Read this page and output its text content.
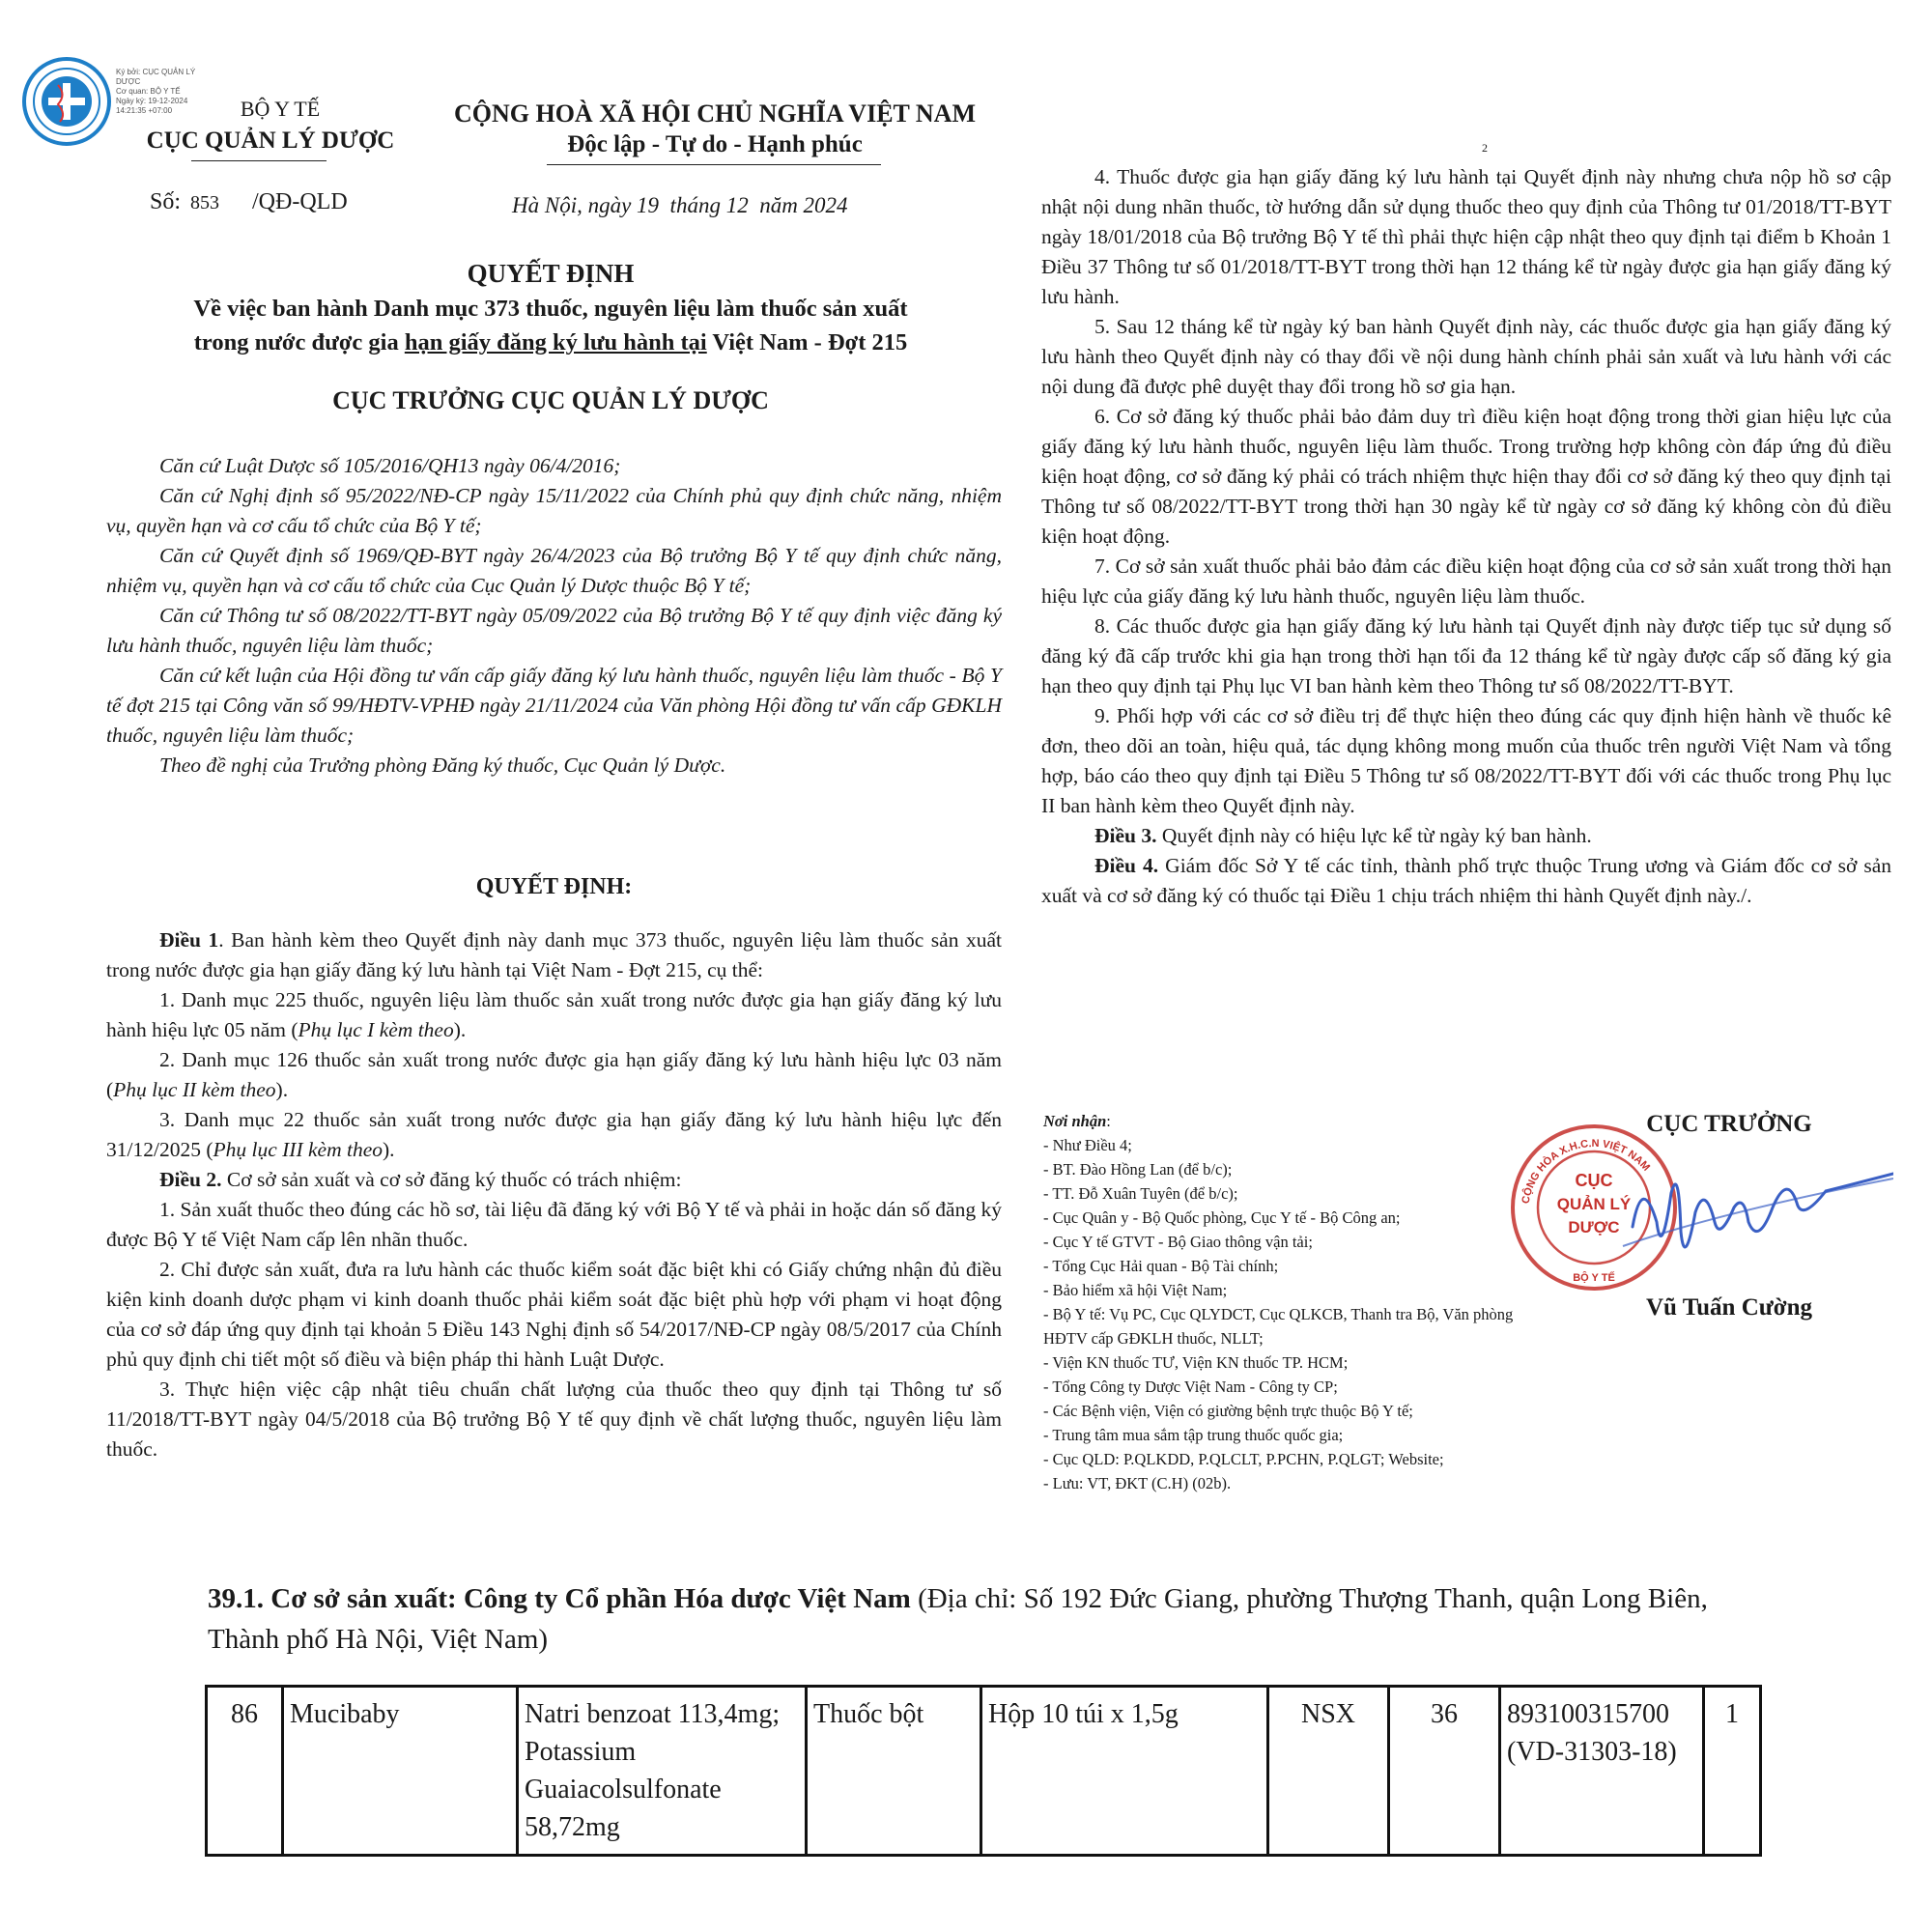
Ký bởi: CỤC QUẢN LÝ DƯỢC
Cơ quan: BỘ Y TẾ
Ngày ký: 19-12-2024 14:21:35 +07:00	BỘ Y TẾ
CỤC QUẢN LÝ DƯỢC
CỘNG HOÀ XÃ HỘI CHỦ NGHĨA VIỆT NAM
Độc lập - Tự do - Hạnh phúc
Số: 853 /QĐ-QLD	Hà Nội, ngày 19  tháng 12  năm 2024
QUYẾT ĐỊNH
Về việc ban hành Danh mục 373 thuốc, nguyên liệu làm thuốc sản xuất
trong nước được gia hạn giấy đăng ký lưu hành tại Việt Nam - Đợt 215
CỤC TRƯỞNG CỤC QUẢN LÝ DƯỢC

Căn cứ Luật Dược số 105/2016/QH13 ngày 06/4/2016;

Căn cứ Nghị định số 95/2022/NĐ-CP ngày 15/11/2022 của Chính phủ quy định chức năng, nhiệm vụ, quyền hạn và cơ cấu tổ chức của Bộ Y tế;

Căn cứ Quyết định số 1969/QĐ-BYT ngày 26/4/2023 của Bộ trưởng Bộ Y tế quy định chức năng, nhiệm vụ, quyền hạn và cơ cấu tổ chức của Cục Quản lý Dược thuộc Bộ Y tế;

Căn cứ Thông tư số 08/2022/TT-BYT ngày 05/09/2022 của Bộ trưởng Bộ Y tế quy định việc đăng ký lưu hành thuốc, nguyên liệu làm thuốc;

Căn cứ kết luận của Hội đồng tư vấn cấp giấy đăng ký lưu hành thuốc, nguyên liệu làm thuốc - Bộ Y tế đợt 215 tại Công văn số 99/HĐTV-VPHĐ ngày 21/11/2024 của Văn phòng Hội đồng tư vấn cấp GĐKLH thuốc, nguyên liệu làm thuốc;

Theo đề nghị của Trưởng phòng Đăng ký thuốc, Cục Quản lý Dược.

QUYẾT ĐỊNH:

Điều 1. Ban hành kèm theo Quyết định này danh mục 373 thuốc, nguyên liệu làm thuốc sản xuất trong nước được gia hạn giấy đăng ký lưu hành tại Việt Nam - Đợt 215, cụ thể:

1. Danh mục 225 thuốc, nguyên liệu làm thuốc sản xuất trong nước được gia hạn giấy đăng ký lưu hành hiệu lực 05 năm (Phụ lục I kèm theo).

2. Danh mục 126 thuốc sản xuất trong nước được gia hạn giấy đăng ký lưu hành hiệu lực 03 năm (Phụ lục II kèm theo).

3. Danh mục 22 thuốc sản xuất trong nước được gia hạn giấy đăng ký lưu hành hiệu lực đến 31/12/2025 (Phụ lục III kèm theo).

Điều 2. Cơ sở sản xuất và cơ sở đăng ký thuốc có trách nhiệm:

1. Sản xuất thuốc theo đúng các hồ sơ, tài liệu đã đăng ký với Bộ Y tế và phải in hoặc dán số đăng ký được Bộ Y tế Việt Nam cấp lên nhãn thuốc.

2. Chỉ được sản xuất, đưa ra lưu hành các thuốc kiểm soát đặc biệt khi có Giấy chứng nhận đủ điều kiện kinh doanh dược phạm vi kinh doanh thuốc phải kiểm soát đặc biệt phù hợp với phạm vi hoạt động của cơ sở đáp ứng quy định tại khoản 5 Điều 143 Nghị định số 54/2017/NĐ-CP ngày 08/5/2017 của Chính phủ quy định chi tiết một số điều và biện pháp thi hành Luật Dược.

3. Thực hiện việc cập nhật tiêu chuẩn chất lượng của thuốc theo quy định tại Thông tư số 11/2018/TT-BYT ngày 04/5/2018 của Bộ trưởng Bộ Y tế quy định về chất lượng thuốc, nguyên liệu làm thuốc.

2

4. Thuốc được gia hạn giấy đăng ký lưu hành tại Quyết định này nhưng chưa nộp hồ sơ cập nhật nội dung nhãn thuốc, tờ hướng dẫn sử dụng thuốc theo quy định của Thông tư 01/2018/TT-BYT ngày 18/01/2018 của Bộ trưởng Bộ Y tế thì phải thực hiện cập nhật theo quy định tại điểm b Khoản 1 Điều 37 Thông tư số 01/2018/TT-BYT trong thời hạn 12 tháng kể từ ngày được gia hạn giấy đăng ký lưu hành.

5. Sau 12 tháng kể từ ngày ký ban hành Quyết định này, các thuốc được gia hạn giấy đăng ký lưu hành theo Quyết định này có thay đổi về nội dung hành chính phải sản xuất và lưu hành với các nội dung đã được phê duyệt thay đổi trong hồ sơ gia hạn.

6. Cơ sở đăng ký thuốc phải bảo đảm duy trì điều kiện hoạt động trong thời gian hiệu lực của giấy đăng ký lưu hành thuốc, nguyên liệu làm thuốc. Trong trường hợp không còn đáp ứng đủ điều kiện hoạt động, cơ sở đăng ký phải có trách nhiệm thực hiện thay đổi cơ sở đăng ký theo quy định tại Thông tư số 08/2022/TT-BYT trong thời hạn 30 ngày kể từ ngày cơ sở đăng ký không còn đủ điều kiện hoạt động.

7. Cơ sở sản xuất thuốc phải bảo đảm các điều kiện hoạt động của cơ sở sản xuất trong thời hạn hiệu lực của giấy đăng ký lưu hành thuốc, nguyên liệu làm thuốc.

8. Các thuốc được gia hạn giấy đăng ký lưu hành tại Quyết định này được tiếp tục sử dụng số đăng ký đã cấp trước khi gia hạn trong thời hạn tối đa 12 tháng kể từ ngày được cấp số đăng ký gia hạn theo quy định tại Phụ lục VI ban hành kèm theo Thông tư số 08/2022/TT-BYT.

9. Phối hợp với các cơ sở điều trị để thực hiện theo đúng các quy định hiện hành về thuốc kê đơn, theo dõi an toàn, hiệu quả, tác dụng không mong muốn của thuốc trên người Việt Nam và tổng hợp, báo cáo theo quy định tại Điều 5 Thông tư số 08/2022/TT-BYT đối với các thuốc trong Phụ lục II ban hành kèm theo Quyết định này.

Điều 3. Quyết định này có hiệu lực kể từ ngày ký ban hành.

Điều 4. Giám đốc Sở Y tế các tỉnh, thành phố trực thuộc Trung ương và Giám đốc cơ sở sản xuất và cơ sở đăng ký có thuốc tại Điều 1 chịu trách nhiệm thi hành Quyết định này./.

Nơi nhận:
- Như Điều 4;
- BT. Đào Hồng Lan (để b/c);
- TT. Đỗ Xuân Tuyên (để b/c);
- Cục Quân y - Bộ Quốc phòng, Cục Y tế - Bộ Công an;
- Cục Y tế GTVT - Bộ Giao thông vận tải;
- Tổng Cục Hải quan - Bộ Tài chính;
- Bảo hiểm xã hội Việt Nam;
- Bộ Y tế: Vụ PC, Cục QLYDCT, Cục QLKCB, Thanh tra Bộ, Văn phòng HĐTV cấp GĐKLH thuốc, NLLT;
- Viện KN thuốc TƯ, Viện KN thuốc TP. HCM;
- Tổng Công ty Dược Việt Nam - Công ty CP;
- Các Bệnh viện, Viện có giường bệnh trực thuộc Bộ Y tế;
- Trung tâm mua sắm tập trung thuốc quốc gia;
- Cục QLD: P.QLKDD, P.QLCLT, P.PCHN, P.QLGT; Website;
- Lưu: VT, ĐKT (C.H) (02b).
CỤC TRƯỞNG
CỤC
QUẢN LÝ
DƯỢC
CỘNG HÒA X.H.C.N VIỆT NAM
BỘ Y TẾ
Vũ Tuấn Cường
39.1. Cơ sở sản xuất: Công ty Cổ phần Hóa dược Việt Nam (Địa chỉ: Số 192 Đức Giang, phường Thượng Thanh, quận Long Biên, Thành phố Hà Nội, Việt Nam)
86	Mucibaby	Natri benzoat 113,4mg; Potassium Guaiacolsulfonate 58,72mg	Thuốc bột	Hộp 10 túi x 1,5g	NSX	36	893100315700 (VD-31303-18)	1
